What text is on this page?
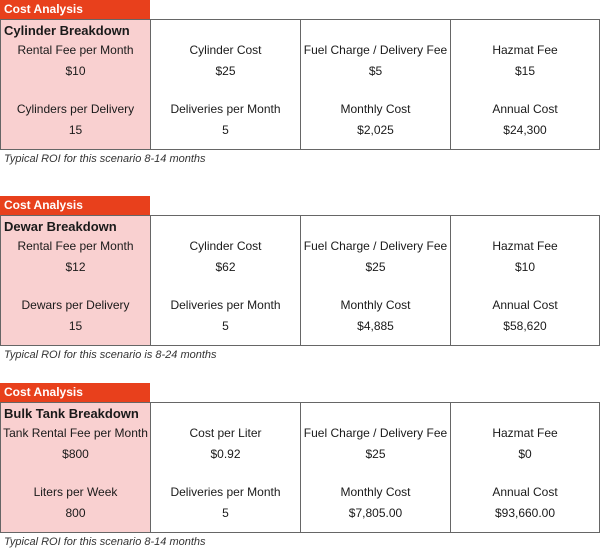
Cost Analysis
Cylinder Breakdown
Rental Fee per Month
$10
Cylinders per Delivery
15
Cylinder Cost
$25
Deliveries per Month
5
Fuel Charge / Delivery Fee
$5
Monthly Cost
$2,025
Hazmat Fee
$15
Annual Cost
$24,300
Typical ROI for this scenario 8-14 months
Cost Analysis
Dewar Breakdown
Rental Fee per Month
$12
Dewars per Delivery
15
Cylinder Cost
$62
Deliveries per Month
5
Fuel Charge / Delivery Fee
$25
Monthly Cost
$4,885
Hazmat Fee
$10
Annual Cost
$58,620
Typical ROI for this scenario is 8-24 months
Cost Analysis
Bulk Tank Breakdown
Tank Rental Fee per Month
$800
Liters per Week
800
Cost per Liter
$0.92
Deliveries per Month
5
Fuel Charge / Delivery Fee
$25
Monthly Cost
$7,805.00
Hazmat Fee
$0
Annual Cost
$93,660.00
Typical ROI for this scenario 8-14 months
